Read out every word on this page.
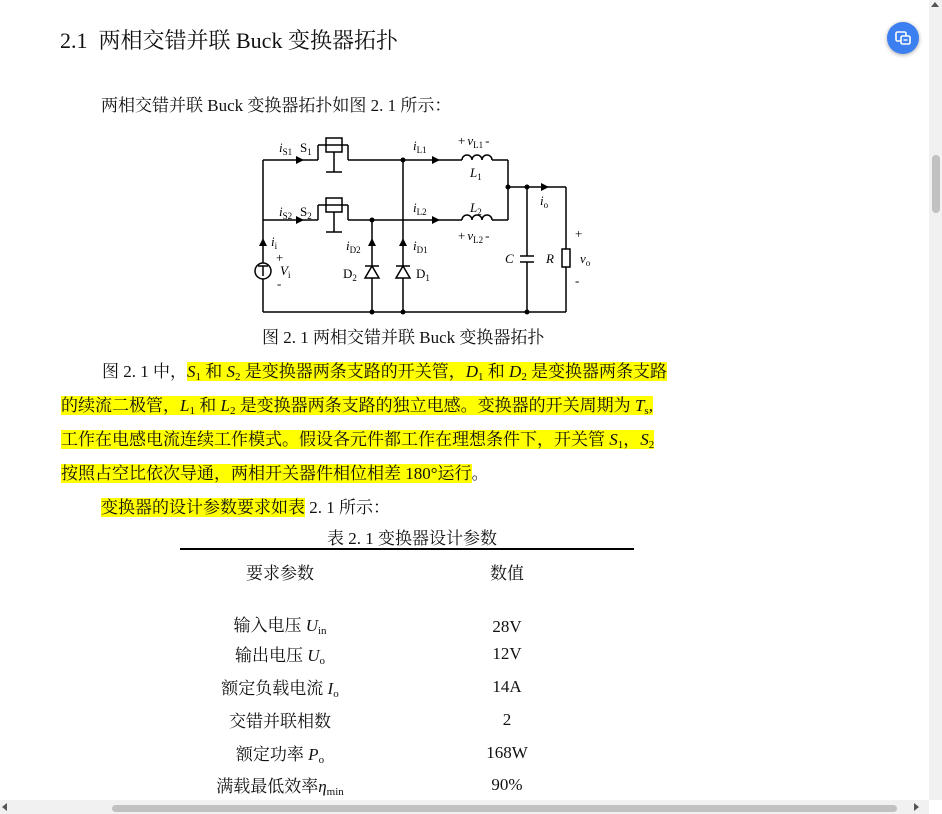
2.1 两相交错并联 Buck 变换器拓扑
两相交错并联 Buck 变换器拓扑如图 2. 1 所示：
$i_{S1}$ $S_1$
$i_{S2}$ $S_2$
$i_{L1}$
$i_{L2}$
+ $v_{L1}$ -
$L_1$
$L_2$
+ $v_{L2}$ -
$i_i$
+
$V_i$
-
$i_{D2}$	$i_{D1}$
$D_2$	$D_1$
$i_o$
C R
+
$v_o$
-
图 2. 1 两相交错并联 Buck 变换器拓扑
图 2. 1 中，$S_1$ 和 $S_2$ 是变换器两条支路的开关管，$D_1$ 和 $D_2$ 是变换器两条支路
的续流二极管，$L_1$ 和 $L_2$ 是变换器两条支路的独立电感。变换器的开关周期为 $T_s$,
工作在电感电流连续工作模式。假设各元件都工作在理想条件下，开关管 $S_1$，$S_2$
按照占空比依次导通，两相开关器件相位相差 180°运行。
变换器的设计参数要求如表 2. 1 所示：
表 2. 1 变换器设计参数
要求参数	数值
输入电压 $U_{in}$	28V
输出电压 $U_o$	12V
额定负载电流 $I_o$	14A
交错并联相数	2
额定功率 $P_o$	168W
满载最低效率$\eta_{min}$	90%
